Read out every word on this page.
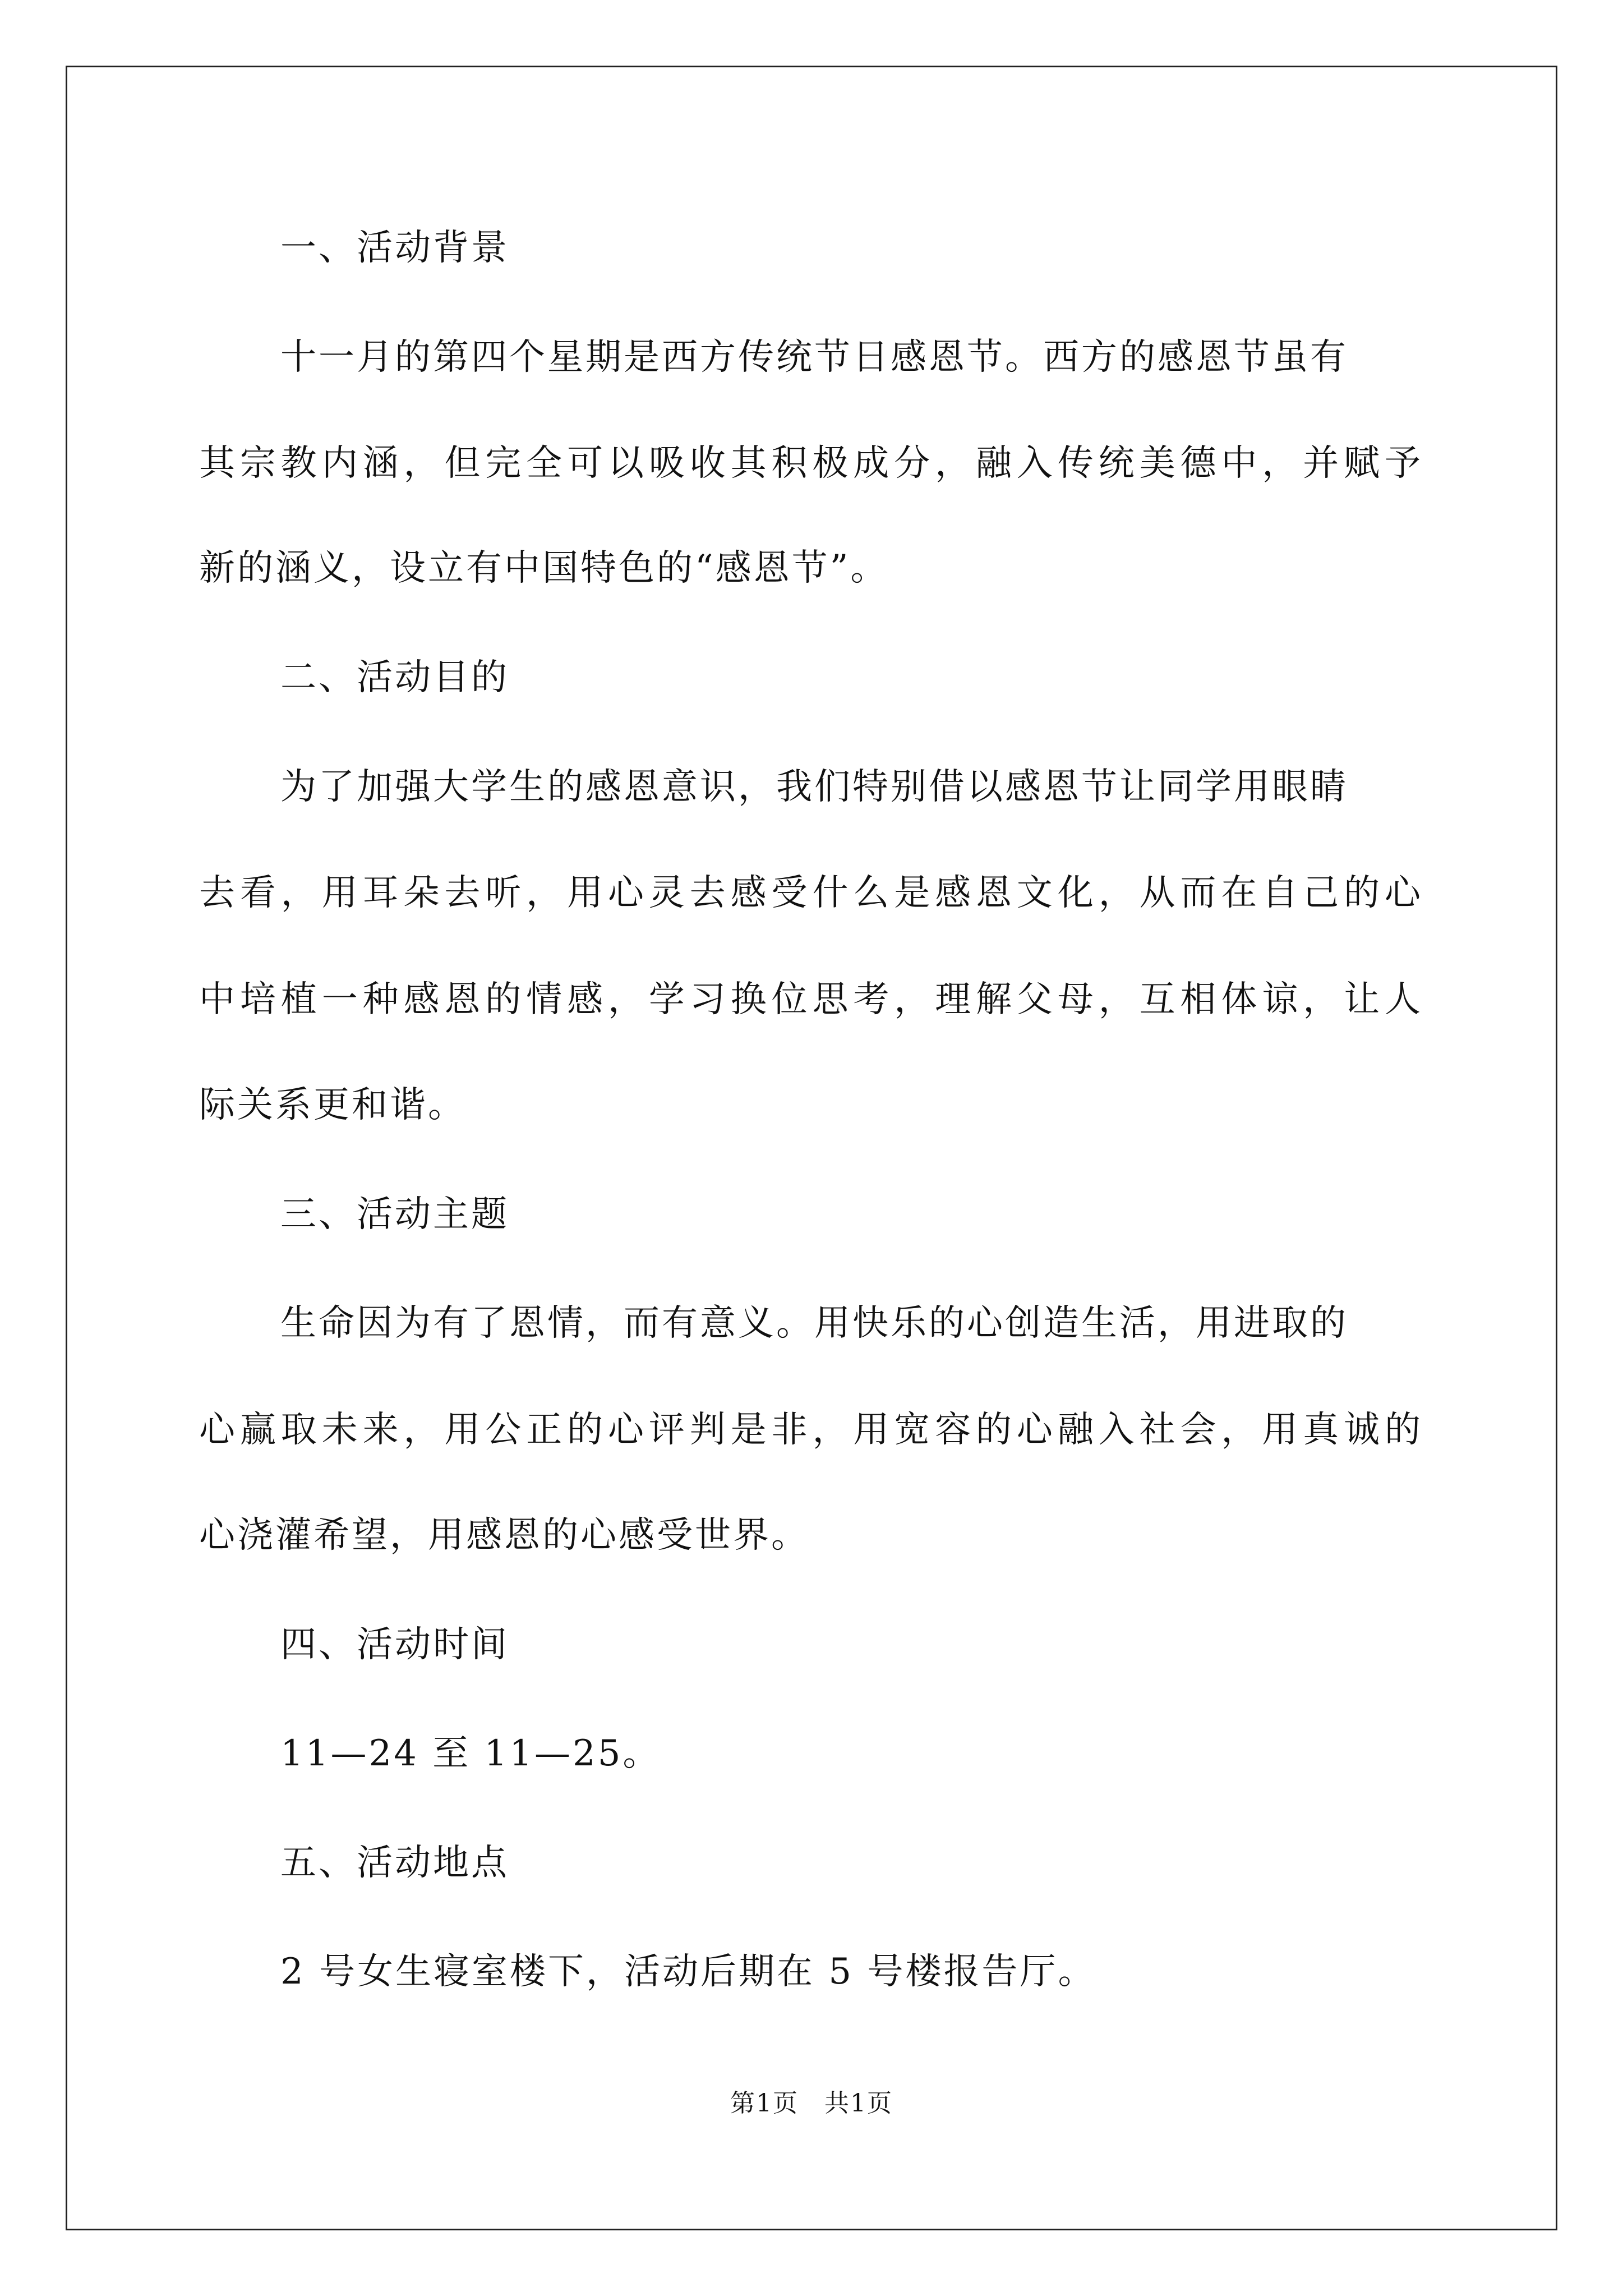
一、活动背景
十一月的第四个星期是西方传统节日感恩节。西方的感恩节虽有
其宗教内涵，但完全可以吸收其积极成分，融入传统美德中，并赋予
新的涵义，设立有中国特色的“感恩节”。
二、活动目的
为了加强大学生的感恩意识，我们特别借以感恩节让同学用眼睛
去看，用耳朵去听，用心灵去感受什么是感恩文化，从而在自己的心
中培植一种感恩的情感，学习换位思考，理解父母，互相体谅，让人
际关系更和谐。
三、活动主题
生命因为有了恩情，而有意义。用快乐的心创造生活，用进取的
心赢取未来，用公正的心评判是非，用宽容的心融入社会，用真诚的
心浇灌希望，用感恩的心感受世界。
四、活动时间
11—24 至 11—25。
五、活动地点
2 号女生寝室楼下，活动后期在 5 号楼报告厅。
第1页　共1页
